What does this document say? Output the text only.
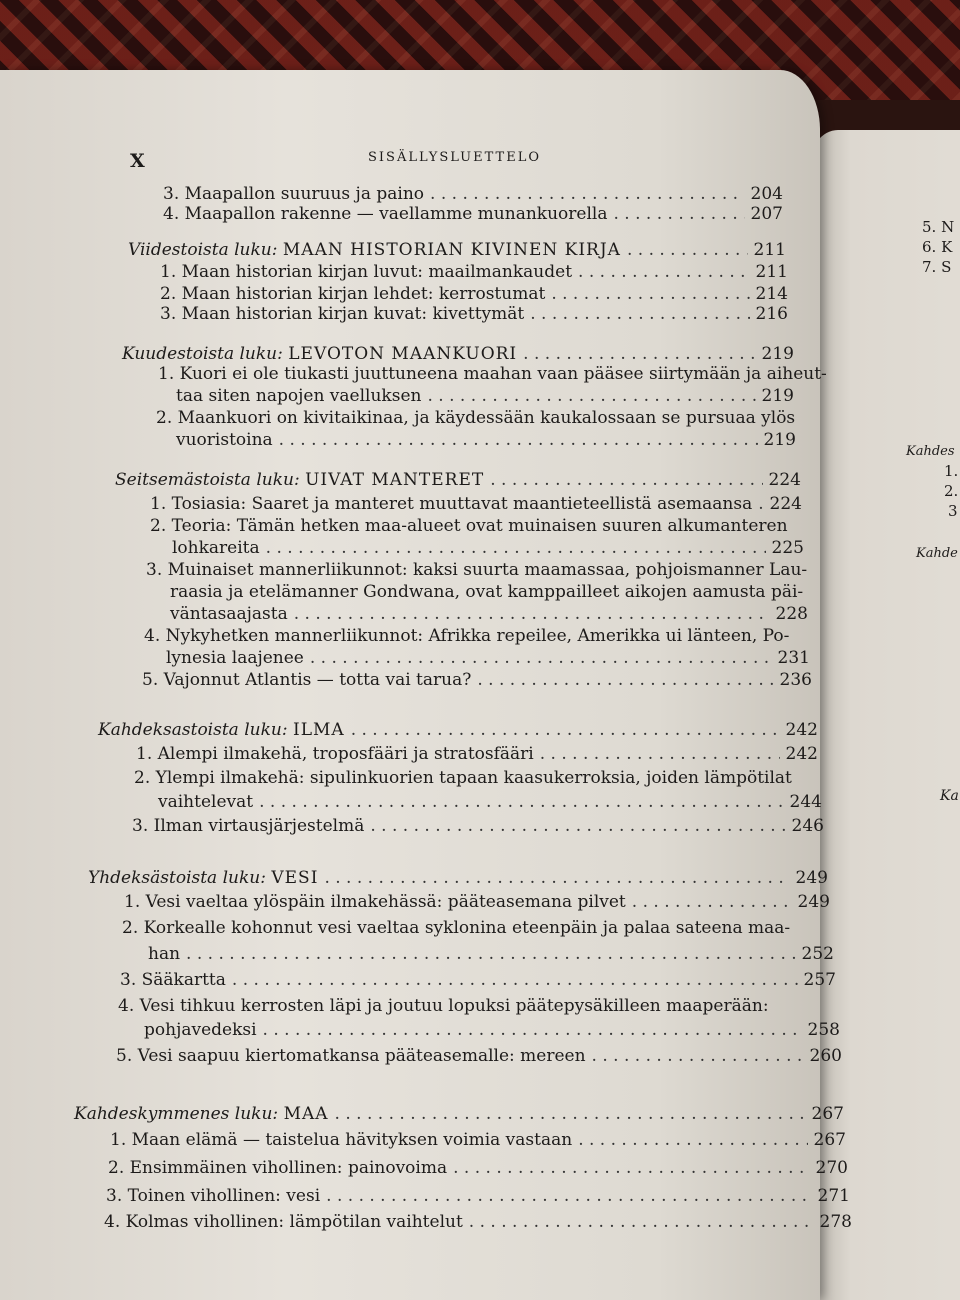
X	SISÄLLYSLUETTELO
5. N
6. K
7. S
Kahdes
1.
2.
3
Kahde
Ka
3. Maapallon suuruus ja paino . . .	204
4. Maapallon rakenne — vaellamme munankuorella . . .	207
Viidestoista luku: MAAN HISTORIAN KIVINEN KIRJA . . .	211
1. Maan historian kirjan luvut: maailmankaudet . . .	211
2. Maan historian kirjan lehdet: kerrostumat . . .	214
3. Maan historian kirjan kuvat: kivettymät . . .	216
Kuudestoista luku: LEVOTON MAANKUORI . . .	219
1. Kuori ei ole tiukasti juuttuneena maahan vaan pääsee siirtymään ja aiheut-
taa siten napojen vaelluksen . . .	219
2. Maankuori on kivitaikinaa, ja käydessään kaukalossaan se pursuaa ylös
vuoristoina . . .	219
Seitsemästoista luku: UIVAT MANTERET . . .	224
1. Tosiasia: Saaret ja manteret muuttavat maantieteellistä asemaansa . . . 224
2. Teoria: Tämän hetken maa-alueet ovat muinaisen suuren alkumanteren
lohkareita . . .	225
3. Muinaiset mannerliikunnot: kaksi suurta maamassaa, pohjoismanner Lau-
raasia ja etelämanner Gondwana, ovat kamppailleet aikojen aamusta päi-
väntasaajasta . . .	228
4. Nykyhetken mannerliikunnot: Afrikka repeilee, Amerikka ui länteen, Po-
lynesia laajenee . . .	231
5. Vajonnut Atlantis — totta vai tarua? . . .	236
Kahdeksastoista luku: ILMA . . .	242
1. Alempi ilmakehä, troposfääri ja stratosfääri . . .	242
2. Ylempi ilmakehä: sipulinkuorien tapaan kaasukerroksia, joiden lämpötilat
vaihtelevat . . .	244
3. Ilman virtausjärjestelmä . . .	246
Yhdeksästoista luku: VESI . . .	249
1. Vesi vaeltaa ylöspäin ilmakehässä: pääteasemana pilvet . . .	249
2. Korkealle kohonnut vesi vaeltaa syklonina eteenpäin ja palaa sateena maa-
han . . .	252
3. Sääkartta . . .	257
4. Vesi tihkuu kerrosten läpi ja joutuu lopuksi päätepysäkilleen maaperään:
pohjavedeksi . . .	258
5. Vesi saapuu kiertomatkansa pääteasemalle: mereen . . .	260
Kahdeskymmenes luku: MAA . . .	267
1. Maan elämä — taistelua hävityksen voimia vastaan . . .	267
2. Ensimmäinen vihollinen: painovoima . . .	270
3. Toinen vihollinen: vesi . . .	271
4. Kolmas vihollinen: lämpötilan vaihtelut . . .	278
